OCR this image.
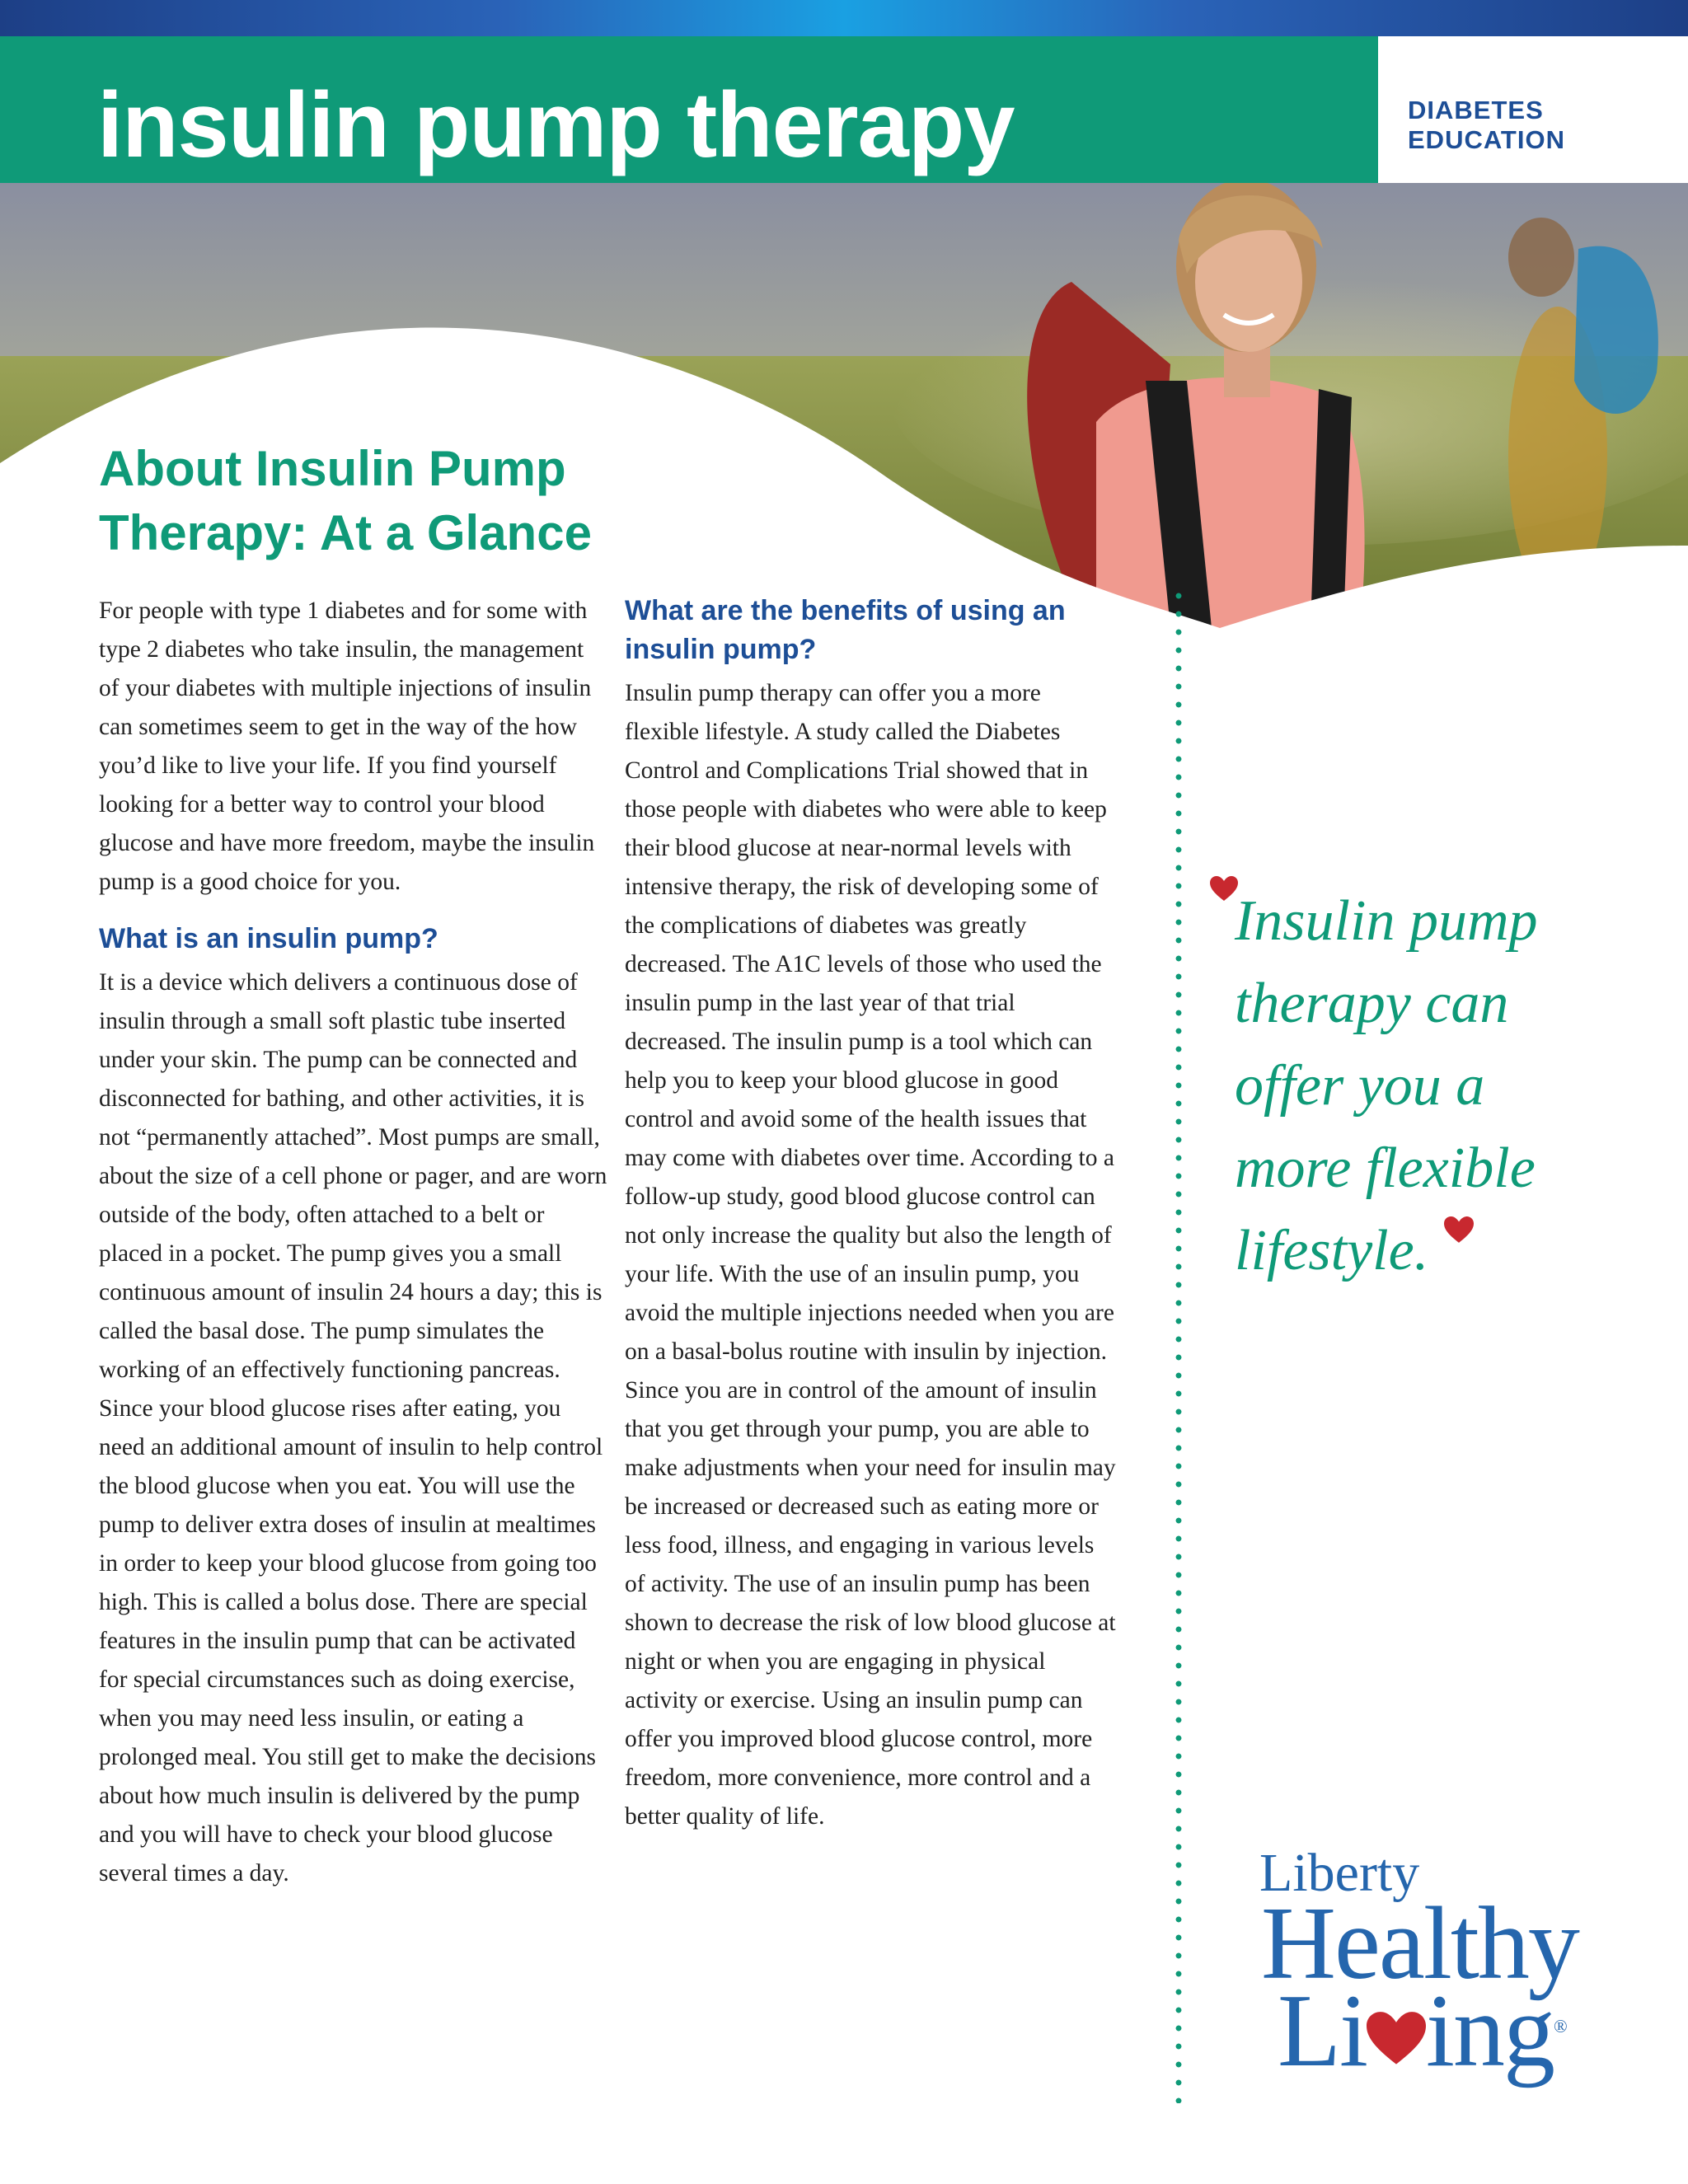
insulin pump therapy	DIABETES
EDUCATION
About Insulin Pump
Therapy: At a Glance

For people with type 1 diabetes and for some with type 2 diabetes who take insulin, the management of your diabetes with multiple injections of insulin can sometimes seem to get in the way of the how you’d like to live your life. If you find yourself looking for a better way to control your blood glucose and have more freedom, maybe the insulin pump is a good choice for you.

What is an insulin pump?

It is a device which delivers a continuous dose of insulin through a small soft plastic tube inserted under your skin. The pump can be connected and disconnected for bathing, and other activities, it is not “permanently attached”. Most pumps are small, about the size of a cell phone or pager, and are worn outside of the body, often attached to a belt or placed in a pocket. The pump gives you a small continuous amount of insulin 24 hours a day; this is called the basal dose. The pump simulates the working of an effectively functioning pancreas. Since your blood glucose rises after eating, you need an additional amount of insulin to help control the blood glucose when you eat. You will use the pump to deliver extra doses of insulin at mealtimes in order to keep your blood glucose from going too high. This is called a bolus dose. There are special features in the insulin pump that can be activated for special circumstances such as doing exercise, when you may need less insulin, or eating a prolonged meal. You still get to make the decisions about how much insulin is delivered by the pump and you will have to check your blood glucose several times a day.

What are the benefits of using an insulin pump?

Insulin pump therapy can offer you a more flexible lifestyle. A study called the Diabetes Control and Complications Trial showed that in those people with diabetes who were able to keep their blood glucose at near-normal levels with intensive therapy, the risk of developing some of the complications of diabetes was greatly decreased. The A1C levels of those who used the insulin pump in the last year of that trial decreased. The insulin pump is a tool which can help you to keep your blood glucose in good control and avoid some of the health issues that may come with diabetes over time. According to a follow-up study, good blood glucose control can not only increase the quality but also the length of your life. With the use of an insulin pump, you avoid the multiple injections needed when you are on a basal-bolus routine with insulin by injection. Since you are in control of the amount of insulin that you get through your pump, you are able to make adjustments when your need for insulin may be increased or decreased such as eating more or less food, illness, and engaging in various levels of activity. The use of an insulin pump has been shown to decrease the risk of low blood glucose at night or when you are engaging in physical activity or exercise. Using an insulin pump can offer you improved blood glucose control, more freedom, more convenience, more control and a better quality of life.

Insulin pump
therapy can
offer you a
more flexible
lifestyle.
Liberty
Healthy
Li ing®
